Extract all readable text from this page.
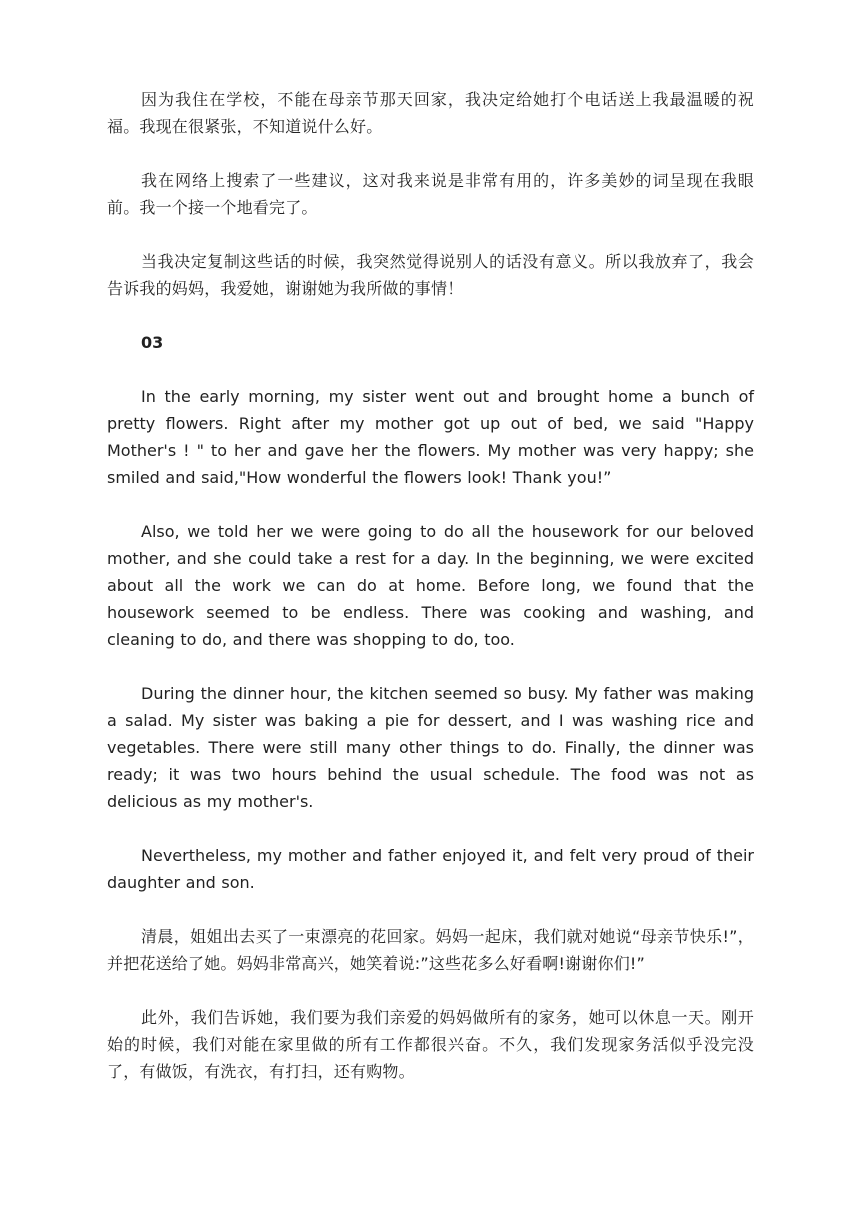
因为我住在学校，不能在母亲节那天回家，我决定给她打个电话送上我最温暖的祝福。我现在很紧张，不知道说什么好。

我在网络上搜索了一些建议，这对我来说是非常有用的，许多美妙的词呈现在我眼前。我一个接一个地看完了。

当我决定复制这些话的时候，我突然觉得说别人的话没有意义。所以我放弃了，我会告诉我的妈妈，我爱她，谢谢她为我所做的事情！

03

In the early morning, my sister went out and brought home a bunch of pretty flowers. Right after my mother got up out of bed, we said "Happy Mother's ! " to her and gave her the flowers. My mother was very happy; she smiled and said,"How wonderful the flowers look! Thank you!”

Also, we told her we were going to do all the housework for our beloved mother, and she could take a rest for a day. In the beginning, we were excited about all the work we can do at home. Before long, we found that the housework seemed to be endless. There was cooking and washing, and cleaning to do, and there was shopping to do, too.

During the dinner hour, the kitchen seemed so busy. My father was making a salad. My sister was baking a pie for dessert, and I was washing rice and vegetables. There were still many other things to do. Finally, the dinner was ready; it was two hours behind the usual schedule. The food was not as delicious as my mother's.

Nevertheless, my mother and father enjoyed it, and felt very proud of their daughter and son.

清晨，姐姐出去买了一束漂亮的花回家。妈妈一起床，我们就对她说“母亲节快乐!”，并把花送给了她。妈妈非常高兴，她笑着说:”这些花多么好看啊!谢谢你们!”

此外，我们告诉她，我们要为我们亲爱的妈妈做所有的家务，她可以休息一天。刚开始的时候，我们对能在家里做的所有工作都很兴奋。不久，我们发现家务活似乎没完没了，有做饭，有洗衣，有打扫，还有购物。
